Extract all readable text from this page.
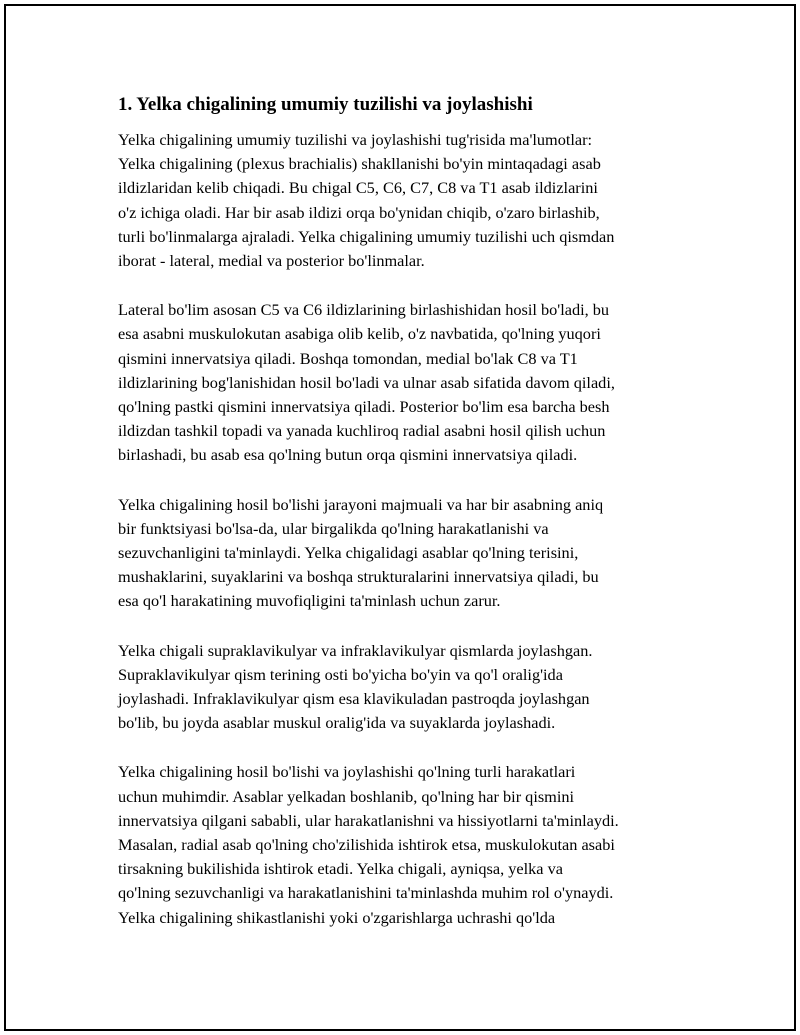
1. Yelka chigalining umumiy tuzilishi va joylashishi
Yelka chigalining umumiy tuzilishi va joylashishi tug'risida ma'lumotlar:
Yelka chigalining (plexus brachialis) shakllanishi bo'yin mintaqadagi asab
ildizlaridan kelib chiqadi. Bu chigal C5, C6, C7, C8 va T1 asab ildizlarini
o'z ichiga oladi. Har bir asab ildizi orqa bo'ynidan chiqib, o'zaro birlashib,
turli bo'linmalarga ajraladi. Yelka chigalining umumiy tuzilishi uch qismdan
iborat - lateral, medial va posterior bo'linmalar.
Lateral bo'lim asosan C5 va C6 ildizlarining birlashishidan hosil bo'ladi, bu
esa asabni muskulokutan asabiga olib kelib, o'z navbatida, qo'lning yuqori
qismini innervatsiya qiladi. Boshqa tomondan, medial bo'lak C8 va T1
ildizlarining bog'lanishidan hosil bo'ladi va ulnar asab sifatida davom qiladi,
qo'lning pastki qismini innervatsiya qiladi. Posterior bo'lim esa barcha besh
ildizdan tashkil topadi va yanada kuchliroq radial asabni hosil qilish uchun
birlashadi, bu asab esa qo'lning butun orqa qismini innervatsiya qiladi.
Yelka chigalining hosil bo'lishi jarayoni majmuali va har bir asabning aniq
bir funktsiyasi bo'lsa-da, ular birgalikda qo'lning harakatlanishi va
sezuvchanligini ta'minlaydi. Yelka chigalidagi asablar qo'lning terisini,
mushaklarini, suyaklarini va boshqa strukturalarini innervatsiya qiladi, bu
esa qo'l harakatining muvofiqligini ta'minlash uchun zarur.
Yelka chigali supraklavikulyar va infraklavikulyar qismlarda joylashgan.
Supraklavikulyar qism terining osti bo'yicha bo'yin va qo'l oralig'ida
joylashadi. Infraklavikulyar qism esa klavikuladan pastroqda joylashgan
bo'lib, bu joyda asablar muskul oralig'ida va suyaklarda joylashadi.
Yelka chigalining hosil bo'lishi va joylashishi qo'lning turli harakatlari
uchun muhimdir. Asablar yelkadan boshlanib, qo'lning har bir qismini
innervatsiya qilgani sababli, ular harakatlanishni va hissiyotlarni ta'minlaydi.
Masalan, radial asab qo'lning cho'zilishida ishtirok etsa, muskulokutan asabi
tirsakning bukilishida ishtirok etadi. Yelka chigali, ayniqsa, yelka va
qo'lning sezuvchanligi va harakatlanishini ta'minlashda muhim rol o'ynaydi.
Yelka chigalining shikastlanishi yoki o'zgarishlarga uchrashi qo'lda
